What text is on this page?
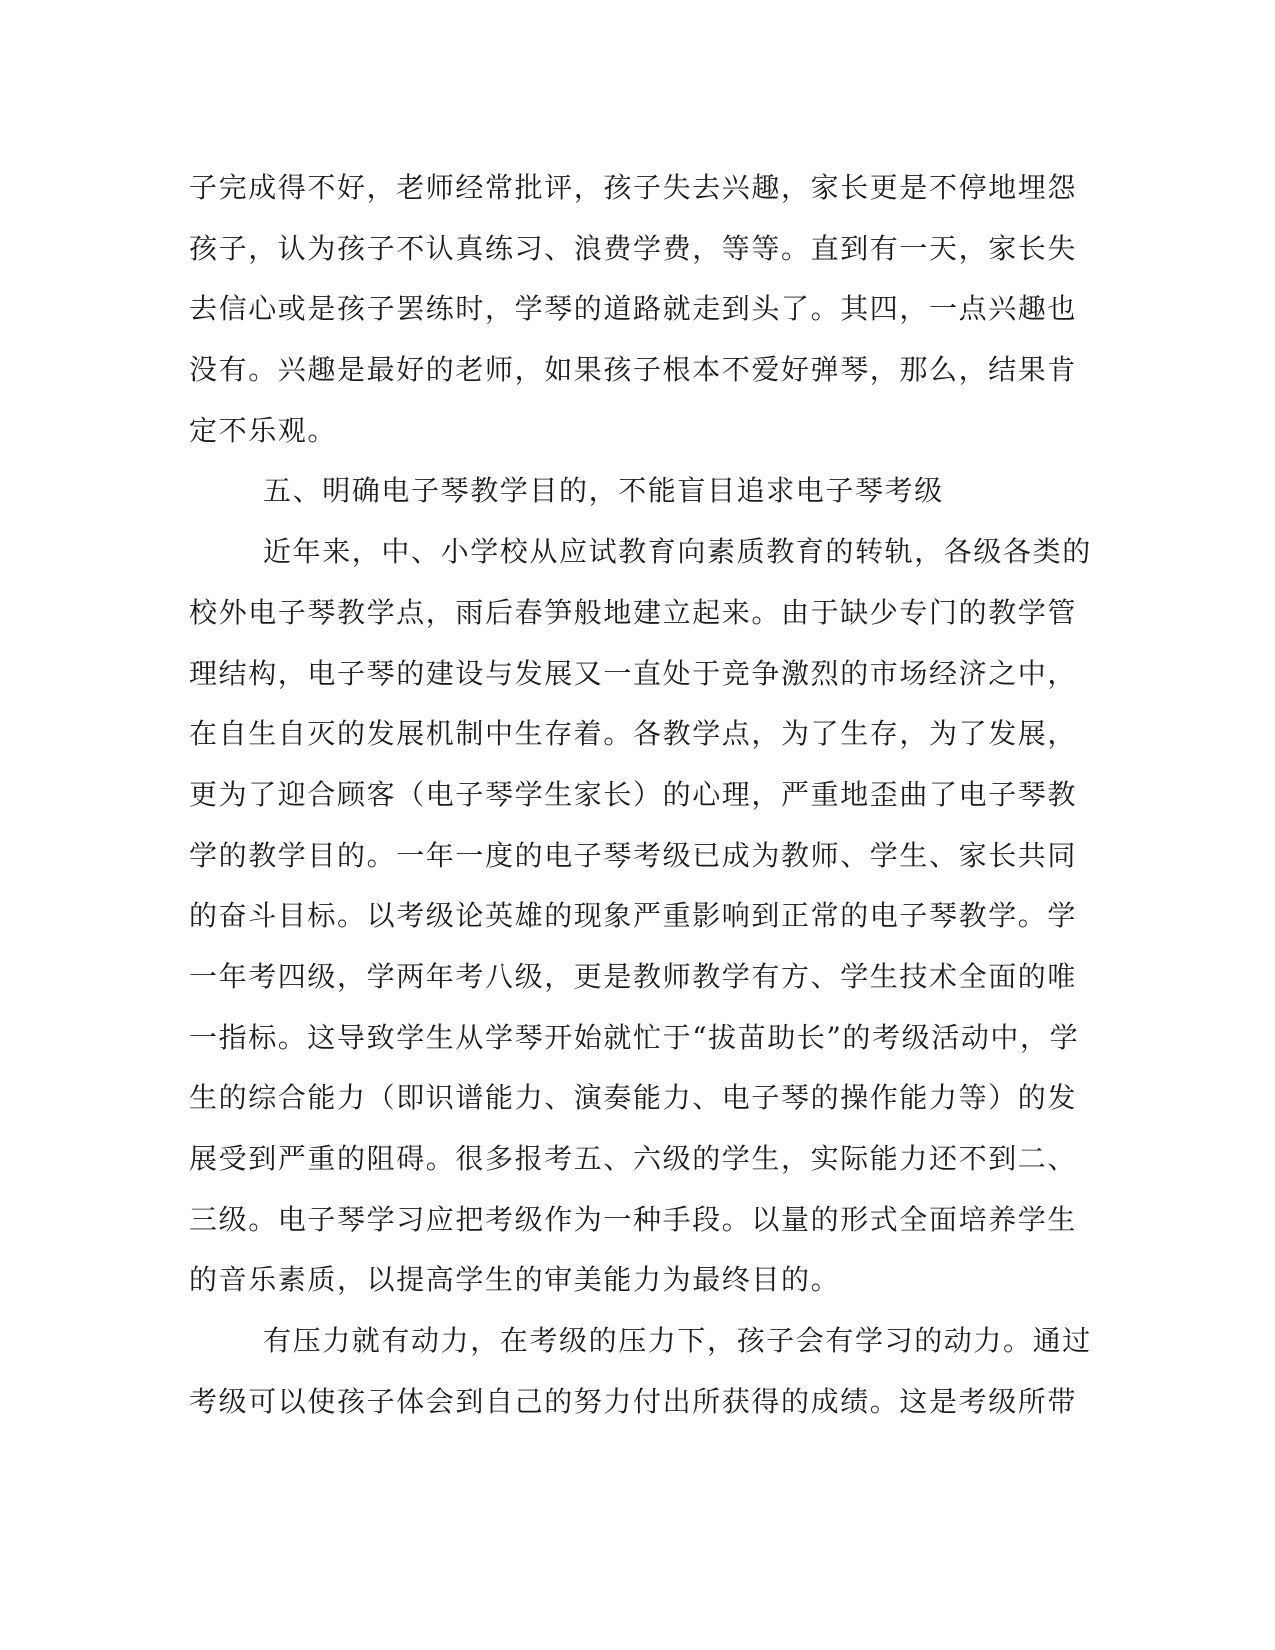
子完成得不好，老师经常批评，孩子失去兴趣，家长更是不停地埋怨

孩子，认为孩子不认真练习、浪费学费，等等。直到有一天，家长失

去信心或是孩子罢练时，学琴的道路就走到头了。其四，一点兴趣也

没有。兴趣是最好的老师，如果孩子根本不爱好弹琴，那么，结果肯

定不乐观。

五、明确电子琴教学目的，不能盲目追求电子琴考级

近年来，中、小学校从应试教育向素质教育的转轨，各级各类的

校外电子琴教学点，雨后春笋般地建立起来。由于缺少专门的教学管

理结构，电子琴的建设与发展又一直处于竞争激烈的市场经济之中，

在自生自灭的发展机制中生存着。各教学点，为了生存，为了发展，

更为了迎合顾客（电子琴学生家长）的心理，严重地歪曲了电子琴教

学的教学目的。一年一度的电子琴考级已成为教师、学生、家长共同

的奋斗目标。以考级论英雄的现象严重影响到正常的电子琴教学。学

一年考四级，学两年考八级，更是教师教学有方、学生技术全面的唯

一指标。这导致学生从学琴开始就忙于“拔苗助长”的考级活动中，学

生的综合能力（即识谱能力、演奏能力、电子琴的操作能力等）的发

展受到严重的阻碍。很多报考五、六级的学生，实际能力还不到二、

三级。电子琴学习应把考级作为一种手段。以量的形式全面培养学生

的音乐素质，以提高学生的审美能力为最终目的。

有压力就有动力，在考级的压力下，孩子会有学习的动力。通过

考级可以使孩子体会到自己的努力付出所获得的成绩。这是考级所带
